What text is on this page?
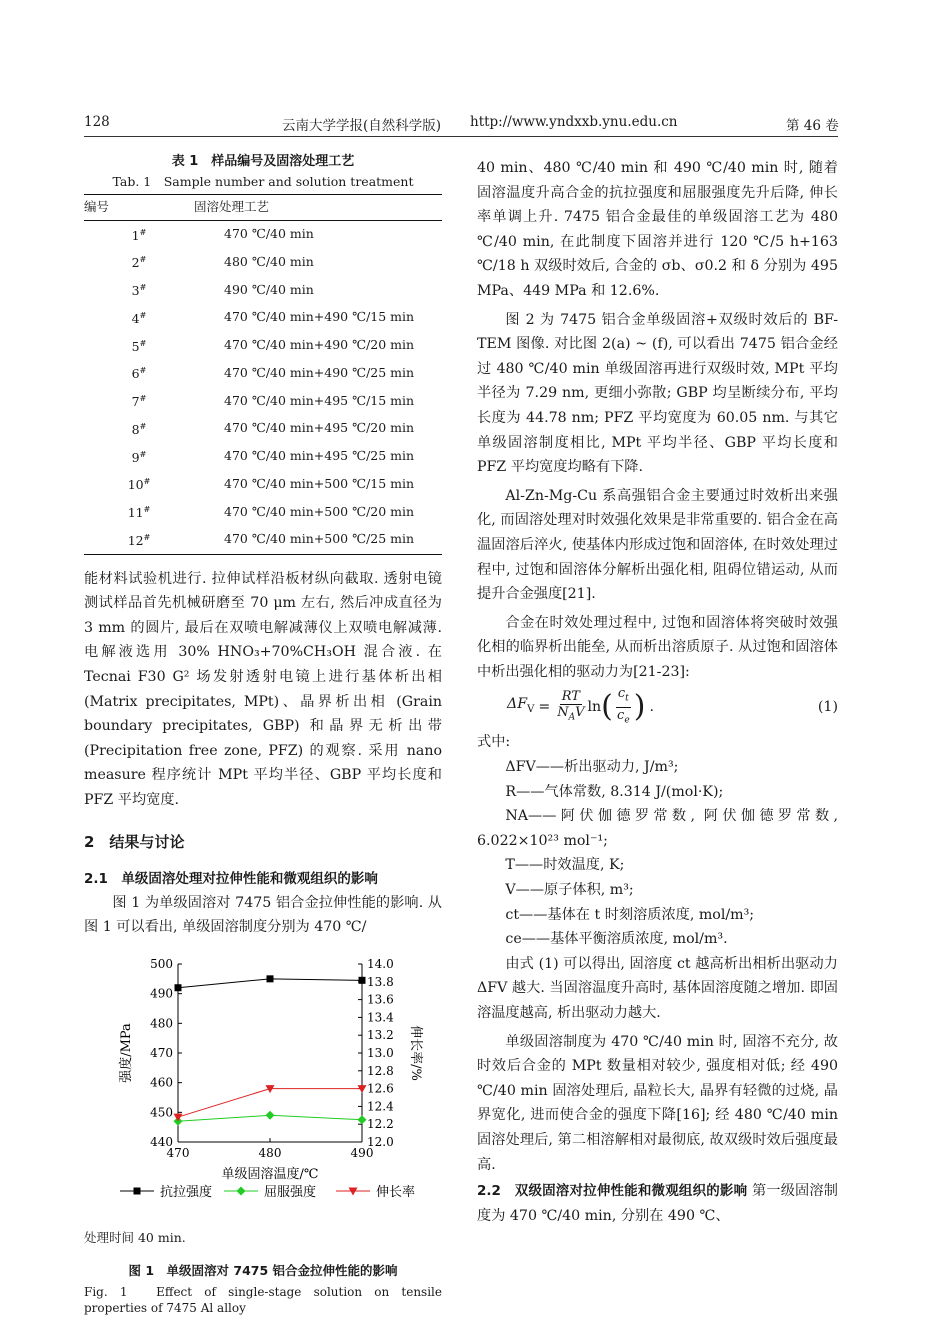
128	云南大学学报(自然科学版) http://www.yndxxb.ynu.edu.cn	第 46 卷
表 1　样品编号及固溶处理工艺
Tab. 1　Sample number and solution treatment
编号	固溶处理工艺
1#	470 ℃/40 min
2#	480 ℃/40 min
3#	490 ℃/40 min
4#	470 ℃/40 min+490 ℃/15 min
5#	470 ℃/40 min+490 ℃/20 min
6#	470 ℃/40 min+490 ℃/25 min
7#	470 ℃/40 min+495 ℃/15 min
8#	470 ℃/40 min+495 ℃/20 min
9#	470 ℃/40 min+495 ℃/25 min
10#	470 ℃/40 min+500 ℃/15 min
11#	470 ℃/40 min+500 ℃/20 min
12#	470 ℃/40 min+500 ℃/25 min

能材料试验机进行. 拉伸试样沿板材纵向截取. 透射电镜测试样品首先机械研磨至 70 μm 左右, 然后冲成直径为 3 mm 的圆片, 最后在双喷电解减薄仪上双喷电解减薄. 电解液选用 30% HNO₃+70%CH₃OH 混合液. 在 Tecnai F30 G² 场发射透射电镜上进行基体析出相 (Matrix precipitates, MPt)、晶界析出相 (Grain boundary precipitates, GBP) 和晶界无析出带 (Precipitation free zone, PFZ) 的观察. 采用 nano measure 程序统计 MPt 平均半径、GBP 平均长度和 PFZ 平均宽度.

2　结果与讨论
2.1　单级固溶处理对拉伸性能和微观组织的影响

图 1 为单级固溶对 7475 铝合金拉伸性能的影响. 从图 1 可以看出, 单级固溶制度分别为 470 ℃/

440
450
460
470
480
490
500
12.0
12.2
12.4
12.6
12.8
13.0
13.2
13.4
13.6
13.8
14.0
470	480	490
单级固溶温度/℃
强度/MPa	伸长率/%
抗拉强度	屈服强度	伸长率
处理时间 40 min.
图 1　单级固溶对 7475 铝合金拉伸性能的影响
Fig. 1　Effect of single-stage solution on tensile properties of 7475 Al alloy

40 min、480 ℃/40 min 和 490 ℃/40 min 时, 随着固溶温度升高合金的抗拉强度和屈服强度先升后降, 伸长率单调上升. 7475 铝合金最佳的单级固溶工艺为 480 ℃/40 min, 在此制度下固溶并进行 120 ℃/5 h+163 ℃/18 h 双级时效后, 合金的 σb、σ0.2 和 δ 分别为 495 MPa、449 MPa 和 12.6%.

图 2 为 7475 铝合金单级固溶+双级时效后的 BF-TEM 图像. 对比图 2(a) ~ (f), 可以看出 7475 铝合金经过 480 ℃/40 min 单级固溶再进行双级时效, MPt 平均半径为 7.29 nm, 更细小弥散; GBP 均呈断续分布, 平均长度为 44.78 nm; PFZ 平均宽度为 60.05 nm. 与其它单级固溶制度相比, MPt 平均半径、GBP 平均长度和 PFZ 平均宽度均略有下降.

Al-Zn-Mg-Cu 系高强铝合金主要通过时效析出来强化, 而固溶处理对时效强化效果是非常重要的. 铝合金在高温固溶后淬火, 使基体内形成过饱和固溶体, 在时效处理过程中, 过饱和固溶体分解析出强化相, 阻碍位错运动, 从而提升合金强度[21].

合金在时效处理过程中, 过饱和固溶体将突破时效强化相的临界析出能垒, 从而析出溶质原子. 从过饱和固溶体中析出强化相的驱动力为[21-23]:

$\Delta F_V = \frac{RT}{N_AV}$ ln ( $\frac{c_t}{c_e}$ ) .	(1)

式中:

ΔFV——析出驱动力, J/m³;

R——气体常数, 8.314 J/(mol·K);

NA——阿伏伽德罗常数, 阿伏伽德罗常数, 6.022×10²³ mol⁻¹;

T——时效温度, K;

V——原子体积, m³;

ct——基体在 t 时刻溶质浓度, mol/m³;

ce——基体平衡溶质浓度, mol/m³.

由式 (1) 可以得出, 固溶度 ct 越高析出相析出驱动力 ΔFV 越大. 当固溶温度升高时, 基体固溶度随之增加. 即固溶温度越高, 析出驱动力越大.

单级固溶制度为 470 ℃/40 min 时, 固溶不充分, 故时效后合金的 MPt 数量相对较少, 强度相对低; 经 490 ℃/40 min 固溶处理后, 晶粒长大, 晶界有轻微的过烧, 晶界宽化, 进而使合金的强度下降[16]; 经 480 ℃/40 min 固溶处理后, 第二相溶解相对最彻底, 故双级时效后强度最高.

2.2　双级固溶对拉伸性能和微观组织的影响 第一级固溶制度为 470 ℃/40 min, 分别在 490 ℃、
